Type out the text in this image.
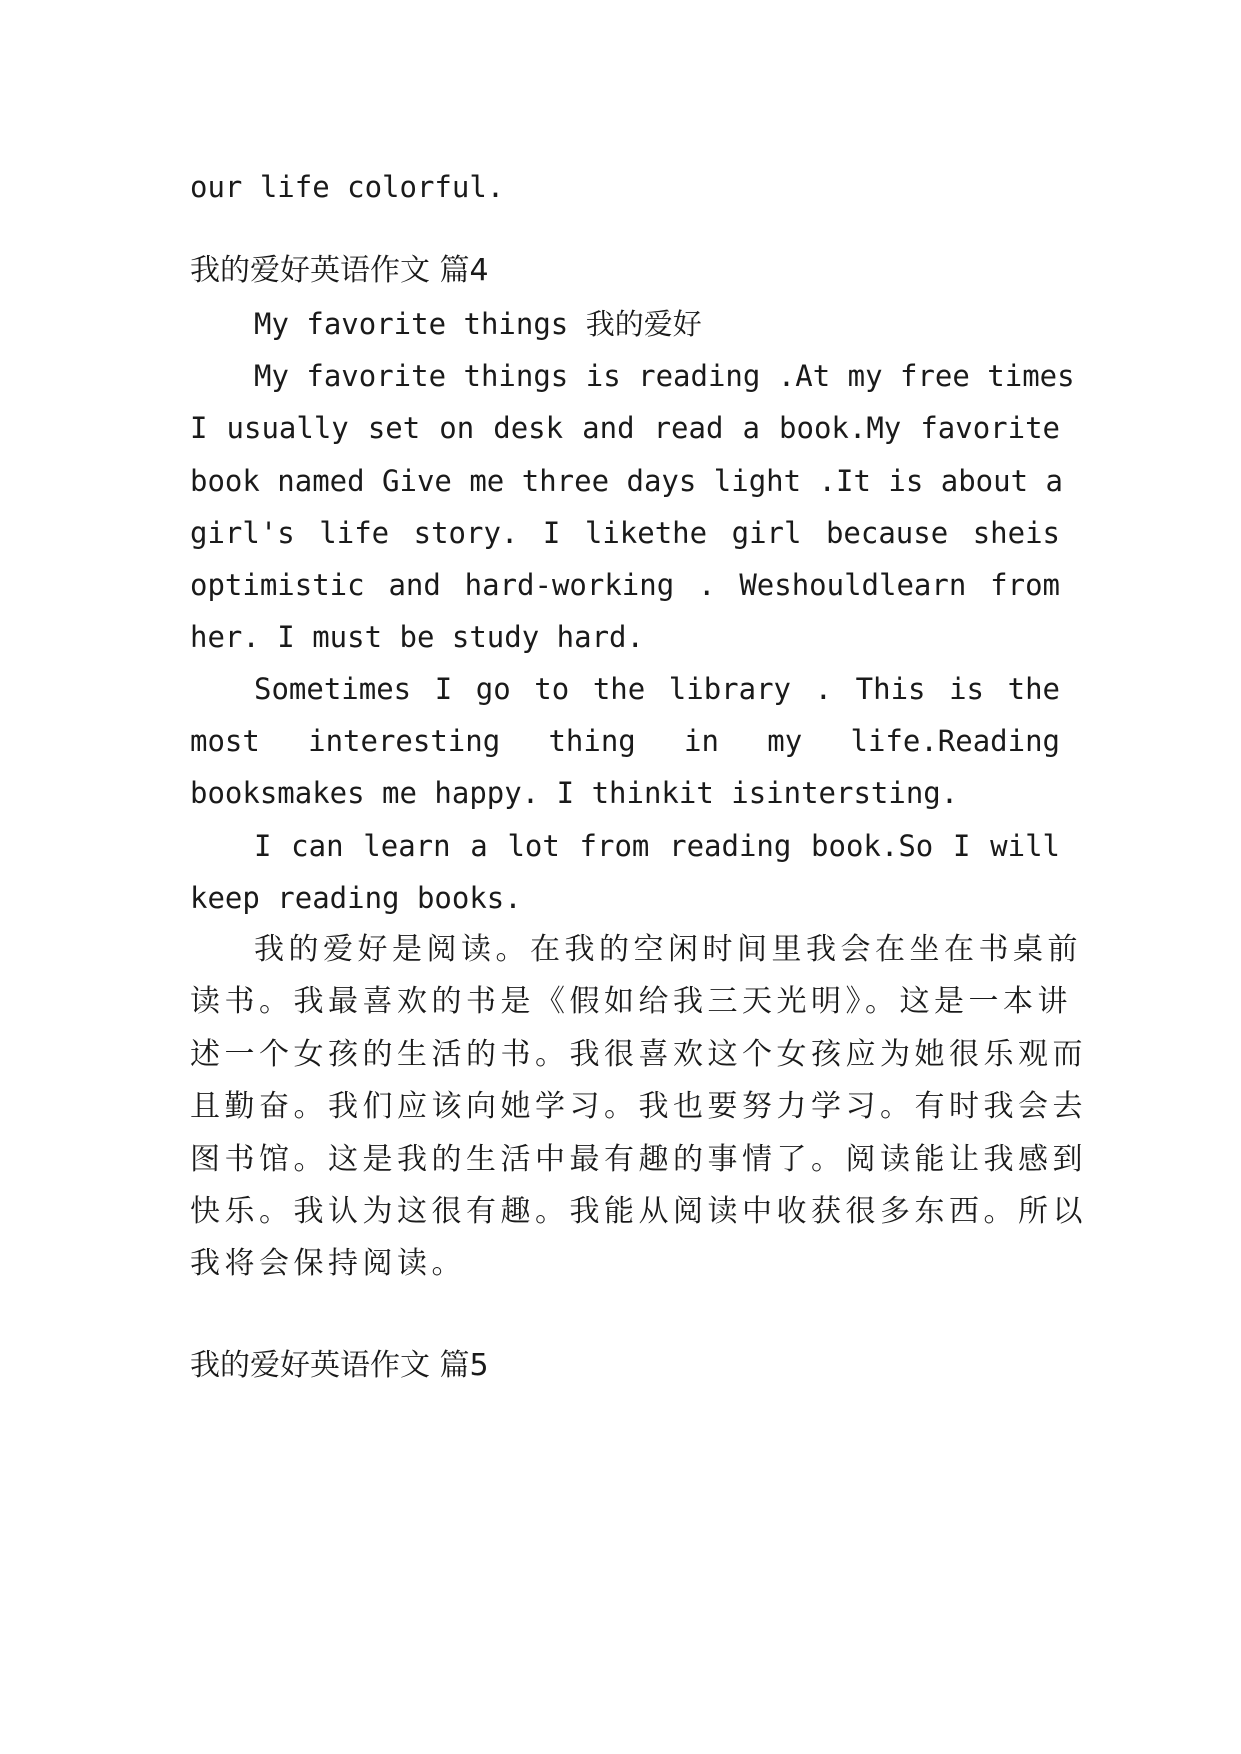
our life colorful.
我的爱好英语作文 篇4
My favorite things 我的爱好
My favorite things is reading .At my free times
I usually set on desk and read a book.My favorite
book named Give me three days light .It is about a
girl's life story. I likethe girl because sheis
optimistic and hard-working . Weshouldlearn from
her. I must be study hard.
Sometimes I go to the library . This is the
most interesting thing in my life.Reading
booksmakes me happy. I thinkit isintersting.
I can learn a lot from reading book.So I will
keep reading books.
我的爱好是阅读。在我的空闲时间里我会在坐在书桌前
读书。我最喜欢的书是《假如给我三天光明》。这是一本讲
述一个女孩的生活的书。我很喜欢这个女孩应为她很乐观而
且勤奋。我们应该向她学习。我也要努力学习。有时我会去
图书馆。这是我的生活中最有趣的事情了。阅读能让我感到
快乐。我认为这很有趣。我能从阅读中收获很多东西。所以
我将会保持阅读。
我的爱好英语作文 篇5
